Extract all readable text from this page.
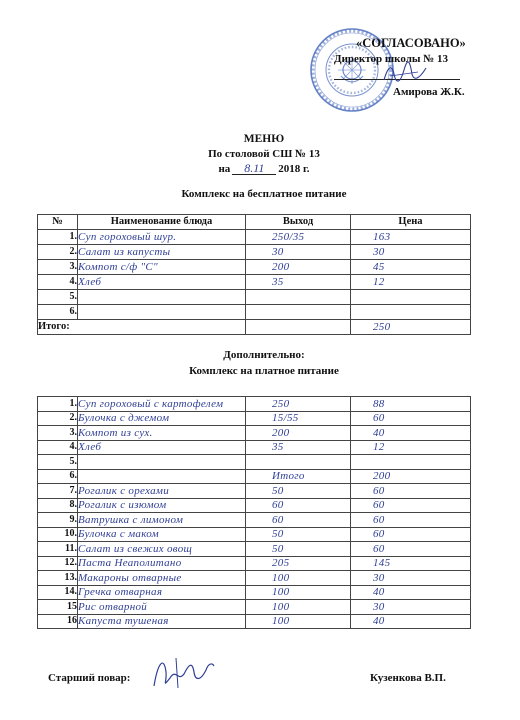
«СОГЛАСОВАНО»
Директор школы № 13
Амирова Ж.К.
МЕНЮ
По столовой СШ № 13
на 8.11 2018 г.
Комплекс на бесплатное питание
№	Наименование блюда	Выход	Цена
1.	Суп гороховый шур.	250/35	163
2.	Салат из капусты	30	30
3.	Компот с/ф "С"	200	45
4.	Хлеб	35	12
5.			
6.			
Итого:			250
Дополнительно:
Комплекс на платное питание
1.	Суп гороховый с картофелем	250	88
2.	Булочка с джемом	15/55	60
3.	Компот из сух.	200	40
4.	Хлеб	35	12
5.			
6.		Итого	200
7.	Рогалик с орехами	50	60
8.	Рогалик с изюмом	60	60
9.	Ватрушка с лимоном	60	60
10.	Булочка с маком	50	60
11.	Салат из свежих овощ	50	60
12.	Паста Неаполитано	205	145
13.	Макароны отварные	100	30
14.	Гречка отварная	100	40
15	Рис отварной	100	30
16	Капуста тушеная	100	40
Старший повар:	Кузенкова В.П.
